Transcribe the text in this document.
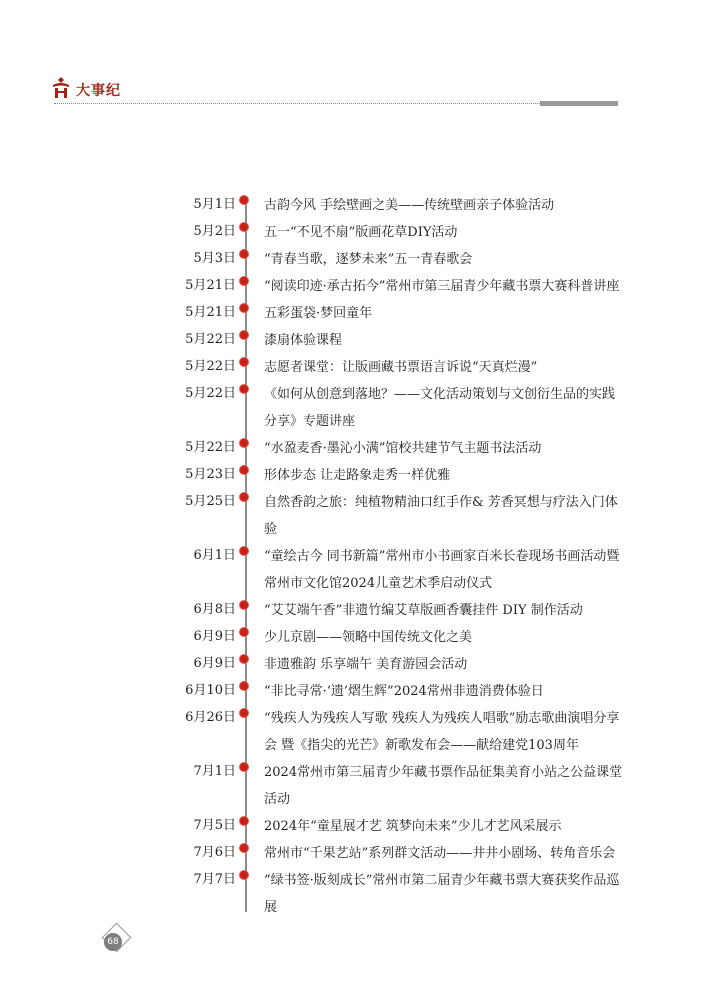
大事纪
5月1日 古韵今风 手绘壁画之美——传统壁画亲子体验活动
5月2日 五一“不见不扇”版画花草DIY活动
5月3日 “青春当歌，逐梦未来”五一青春歌会
5月21日 “阅读印迹·承古拓今”常州市第三届青少年藏书票大赛科普讲座
5月21日 五彩蛋袋·梦回童年
5月22日 漆扇体验课程
5月22日 志愿者课堂：让版画藏书票语言诉说“天真烂漫”
5月22日 《如何从创意到落地？——文化活动策划与文创衍生品的实践分享》专题讲座
5月22日 “水盈麦香·墨沁小满”馆校共建节气主题书法活动
5月23日 形体步态 让走路象走秀一样优雅
5月25日 自然香韵之旅：纯植物精油口红手作& 芳香冥想与疗法入门体验
6月1日 “童绘古今 同书新篇”常州市小书画家百米长卷现场书画活动暨常州市文化馆2024儿童艺术季启动仪式
6月8日 “艾艾端午香”非遗竹编艾草版画香囊挂件 DIY 制作活动
6月9日 少儿京剧——领略中国传统文化之美
6月9日 非遗雅韵 乐享端午 美育游园会活动
6月10日 “非比寻常·‘遗’熠生辉”2024常州非遗消费体验日
6月26日 “残疾人为残疾人写歌 残疾人为残疾人唱歌”励志歌曲演唱分享会 暨《指尖的光芒》新歌发布会——献给建党103周年
7月1日 2024常州市第三届青少年藏书票作品征集美育小站之公益课堂活动
7月5日 2024年“童星展才艺 筑梦向未来”少儿才艺风采展示
7月6日 常州市“千果艺站”系列群文活动——井井小剧场、转角音乐会
7月7日 “绿书签·版刻成长”常州市第二届青少年藏书票大赛获奖作品巡展
68
